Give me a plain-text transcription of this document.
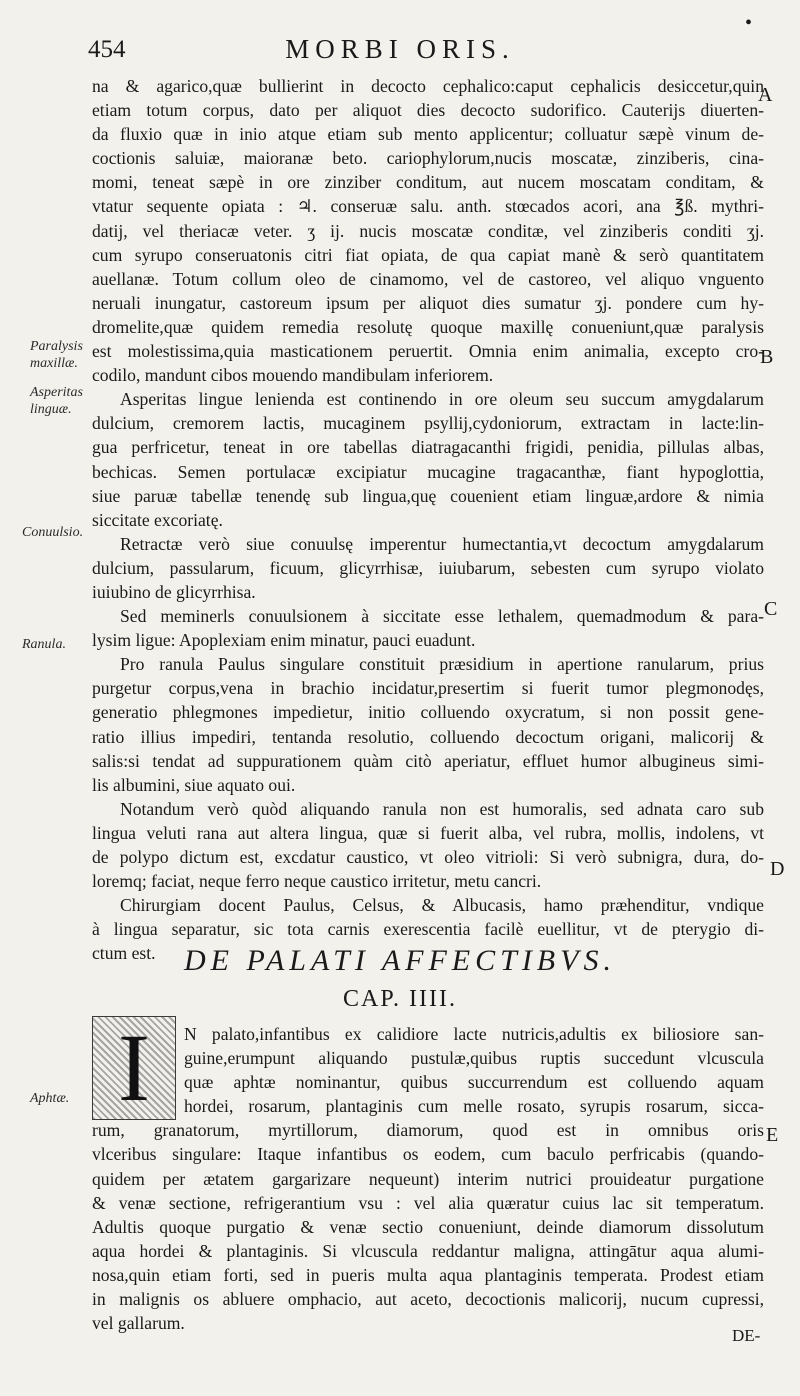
454	MORBI ORIS.
•
A
B
C
D
E
Paralysis
maxillæ.
Asperitas
linguæ.
Conuulsio.
Ranula.
Aphtæ.
na & agarico,quæ bullierint in decocto cephalico:caput cephalicis desiccetur,quin
etiam totum corpus, dato per aliquot dies decocto sudorifico. Cauterijs diuerten-
da fluxio quæ in inio atque etiam sub mento applicentur; colluatur sæpè vinum de-
coctionis saluiæ, maioranæ beto. cariophylorum,nucis moscatæ, zinziberis, cina-
momi, teneat sæpè in ore zinziber conditum, aut nucem moscatam conditam, &
vtatur sequente opiata : ♃. conseruæ salu. anth. stœcados acori, ana ℥ß. mythri-
datij, vel theriacæ veter. ʒ ij. nucis moscatæ conditæ, vel zinziberis conditi ʒj.
cum syrupo conseruatonis citri fiat opiata, de qua capiat manè & serò quantitatem
auellanæ. Totum collum oleo de cinamomo, vel de castoreo, vel aliquo vnguento
neruali inungatur, castoreum ipsum per aliquot dies sumatur ʒj. pondere cum hy-
dromelite,quæ quidem remedia resolutę quoque maxillę conueniunt,quæ paralysis
est molestissima,quia masticationem peruertit. Omnia enim animalia, excepto cro-
codilo, mandunt cibos mouendo mandibulam inferiorem.
Asperitas lingue lenienda est continendo in ore oleum seu succum amygdalarum
dulcium, cremorem lactis, mucaginem psyllij,cydoniorum, extractam in lacte:lin-
gua perfricetur, teneat in ore tabellas diatragacanthi frigidi, penidia, pillulas albas,
bechicas. Semen portulacæ excipiatur mucagine tragacanthæ, fiant hypoglottia,
siue paruæ tabellæ tenendę sub lingua,quę couenient etiam linguæ,ardore & nimia
siccitate excoriatę.
Retractæ verò siue conuulsę imperentur humectantia,vt decoctum amygdalarum
dulcium, passularum, ficuum, glicyrrhisæ, iuiubarum, sebesten cum syrupo violato
iuiubino de glicyrrhisa.
Sed meminerls conuulsionem à siccitate esse lethalem, quemadmodum & para-
lysim ligue: Apoplexiam enim minatur, pauci euadunt.
Pro ranula Paulus singulare constituit præsidium in apertione ranularum, prius
purgetur corpus,vena in brachio incidatur,presertim si fuerit tumor plegmonodęs,
generatio phlegmones impedietur, initio colluendo oxycratum, si non possit gene-
ratio illius impediri, tentanda resolutio, colluendo decoctum origani, malicorij &
salis:si tendat ad suppurationem quàm citò aperiatur, effluet humor albugineus simi-
lis albumini, siue aquato oui.
Notandum verò quòd aliquando ranula non est humoralis, sed adnata caro sub
lingua veluti rana aut altera lingua, quæ si fuerit alba, vel rubra, mollis, indolens, vt
de polypo dictum est, excdatur caustico, vt oleo vitrioli: Si verò subnigra, dura, do-
loremq; faciat, neque ferro neque caustico irritetur, metu cancri.
Chirurgiam docent Paulus, Celsus, & Albucasis, hamo præhenditur, vndique
à lingua separatur, sic tota carnis exerescentia facilè euellitur, vt de pterygio di-
ctum est. DE PALATI AFFECTIBVS.
CAP. IIII.
I	N palato,infantibus ex calidiore lacte nutricis,adultis ex biliosiore san-
guine,erumpunt aliquando pustulæ,quibus ruptis succedunt vlcuscula
quæ aphtæ nominantur, quibus succurrendum est colluendo aquam
hordei, rosarum, plantaginis cum melle rosato, syrupis rosarum, sicca-
rum, granatorum, myrtillorum, diamorum, quod est in omnibus oris
vlceribus singulare: Itaque infantibus os eodem, cum baculo perfricabis (quando-
quidem per ætatem gargarizare nequeunt) interim nutrici prouideatur purgatione
& venæ sectione, refrigerantium vsu : vel alia quæratur cuius lac sit temperatum.
Adultis quoque purgatio & venæ sectio conueniunt, deinde diamorum dissolutum
aqua hordei & plantaginis. Si vlcuscula reddantur maligna, attingātur aqua alumi-
nosa,quin etiam forti, sed in pueris multa aqua plantaginis temperata. Prodest etiam
in malignis os abluere omphacio, aut aceto, decoctionis malicorij, nucum cupressi,
vel gallarum.
DE-
